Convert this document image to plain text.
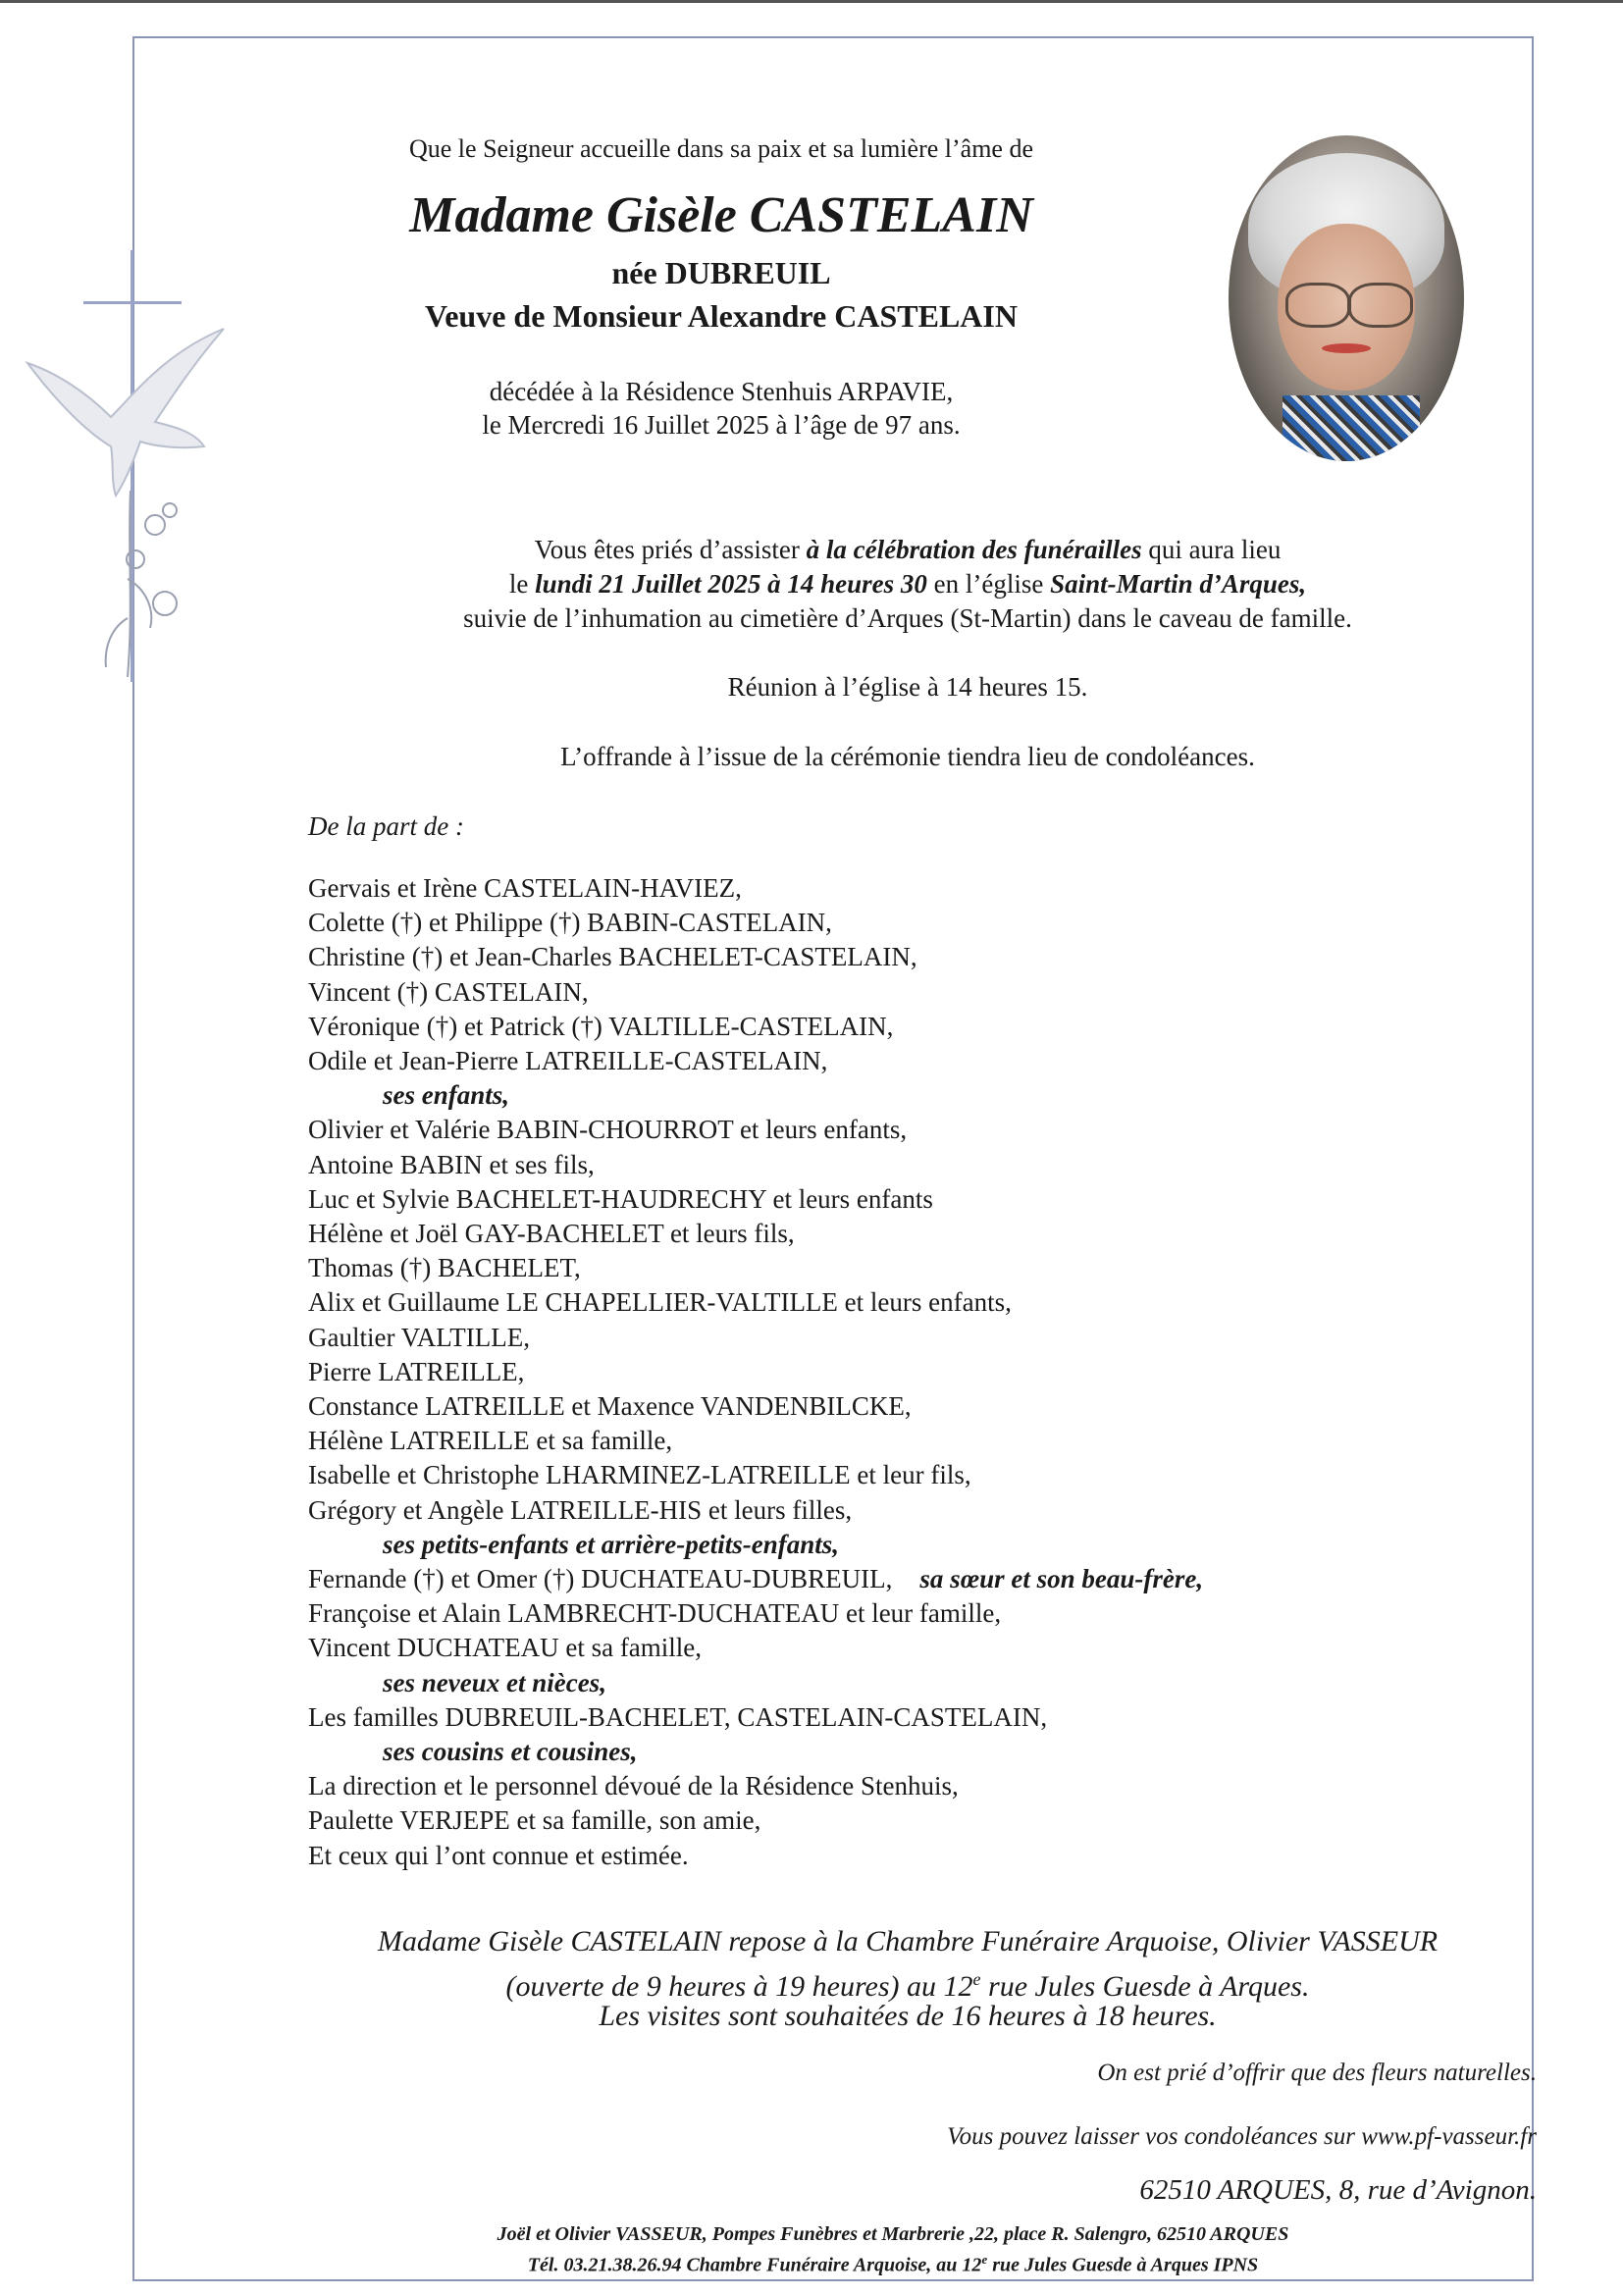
Que le Seigneur accueille dans sa paix et sa lumière l’âme de
Madame Gisèle CASTELAIN
née DUBREUIL
Veuve de Monsieur Alexandre CASTELAIN
décédée à la Résidence Stenhuis ARPAVIE,
le Mercredi 16 Juillet 2025 à l’âge de 97 ans.
Vous êtes priés d’assister à la célébration des funérailles qui aura lieu
le lundi 21 Juillet 2025 à 14 heures 30 en l’église Saint-Martin d’Arques,
suivie de l’inhumation au cimetière d’Arques (St-Martin) dans le caveau de famille.
Réunion à l’église à 14 heures 15.
L’offrande à l’issue de la cérémonie tiendra lieu de condoléances.
De la part de :
Gervais et Irène CASTELAIN-HAVIEZ,
Colette (†) et Philippe (†) BABIN-CASTELAIN,
Christine (†) et Jean-Charles BACHELET-CASTELAIN,
Vincent (†) CASTELAIN,
Véronique (†) et Patrick (†) VALTILLE-CASTELAIN,
Odile et Jean-Pierre LATREILLE-CASTELAIN,
ses enfants,
Olivier et Valérie BABIN-CHOURROT et leurs enfants,
Antoine BABIN et ses fils,
Luc et Sylvie BACHELET-HAUDRECHY et leurs enfants
Hélène et Joël GAY-BACHELET et leurs fils,
Thomas (†) BACHELET,
Alix et Guillaume LE CHAPELLIER-VALTILLE et leurs enfants,
Gaultier VALTILLE,
Pierre LATREILLE,
Constance LATREILLE et Maxence VANDENBILCKE,
Hélène LATREILLE et sa famille,
Isabelle et Christophe LHARMINEZ-LATREILLE et leur fils,
Grégory et Angèle LATREILLE-HIS et leurs filles,
ses petits-enfants et arrière-petits-enfants,
Fernande (†) et Omer (†) DUCHATEAU-DUBREUIL, sa sœur et son beau-frère,
Françoise et Alain LAMBRECHT-DUCHATEAU et leur famille,
Vincent DUCHATEAU et sa famille,
ses neveux et nièces,
Les familles DUBREUIL-BACHELET, CASTELAIN-CASTELAIN,
ses cousins et cousines,
La direction et le personnel dévoué de la Résidence Stenhuis,
Paulette VERJEPE et sa famille, son amie,
Et ceux qui l’ont connue et estimée.
Madame Gisèle CASTELAIN repose à la Chambre Funéraire Arquoise, Olivier VASSEUR
(ouverte de 9 heures à 19 heures) au 12e rue Jules Guesde à Arques.
Les visites sont souhaitées de 16 heures à 18 heures.
On est prié d’offrir que des fleurs naturelles.
Vous pouvez laisser vos condoléances sur www.pf-vasseur.fr
62510 ARQUES, 8, rue d’Avignon.
Joël et Olivier VASSEUR, Pompes Funèbres et Marbrerie ,22, place R. Salengro, 62510 ARQUES
Tél. 03.21.38.26.94 Chambre Funéraire Arquoise, au 12e rue Jules Guesde à Arques IPNS
